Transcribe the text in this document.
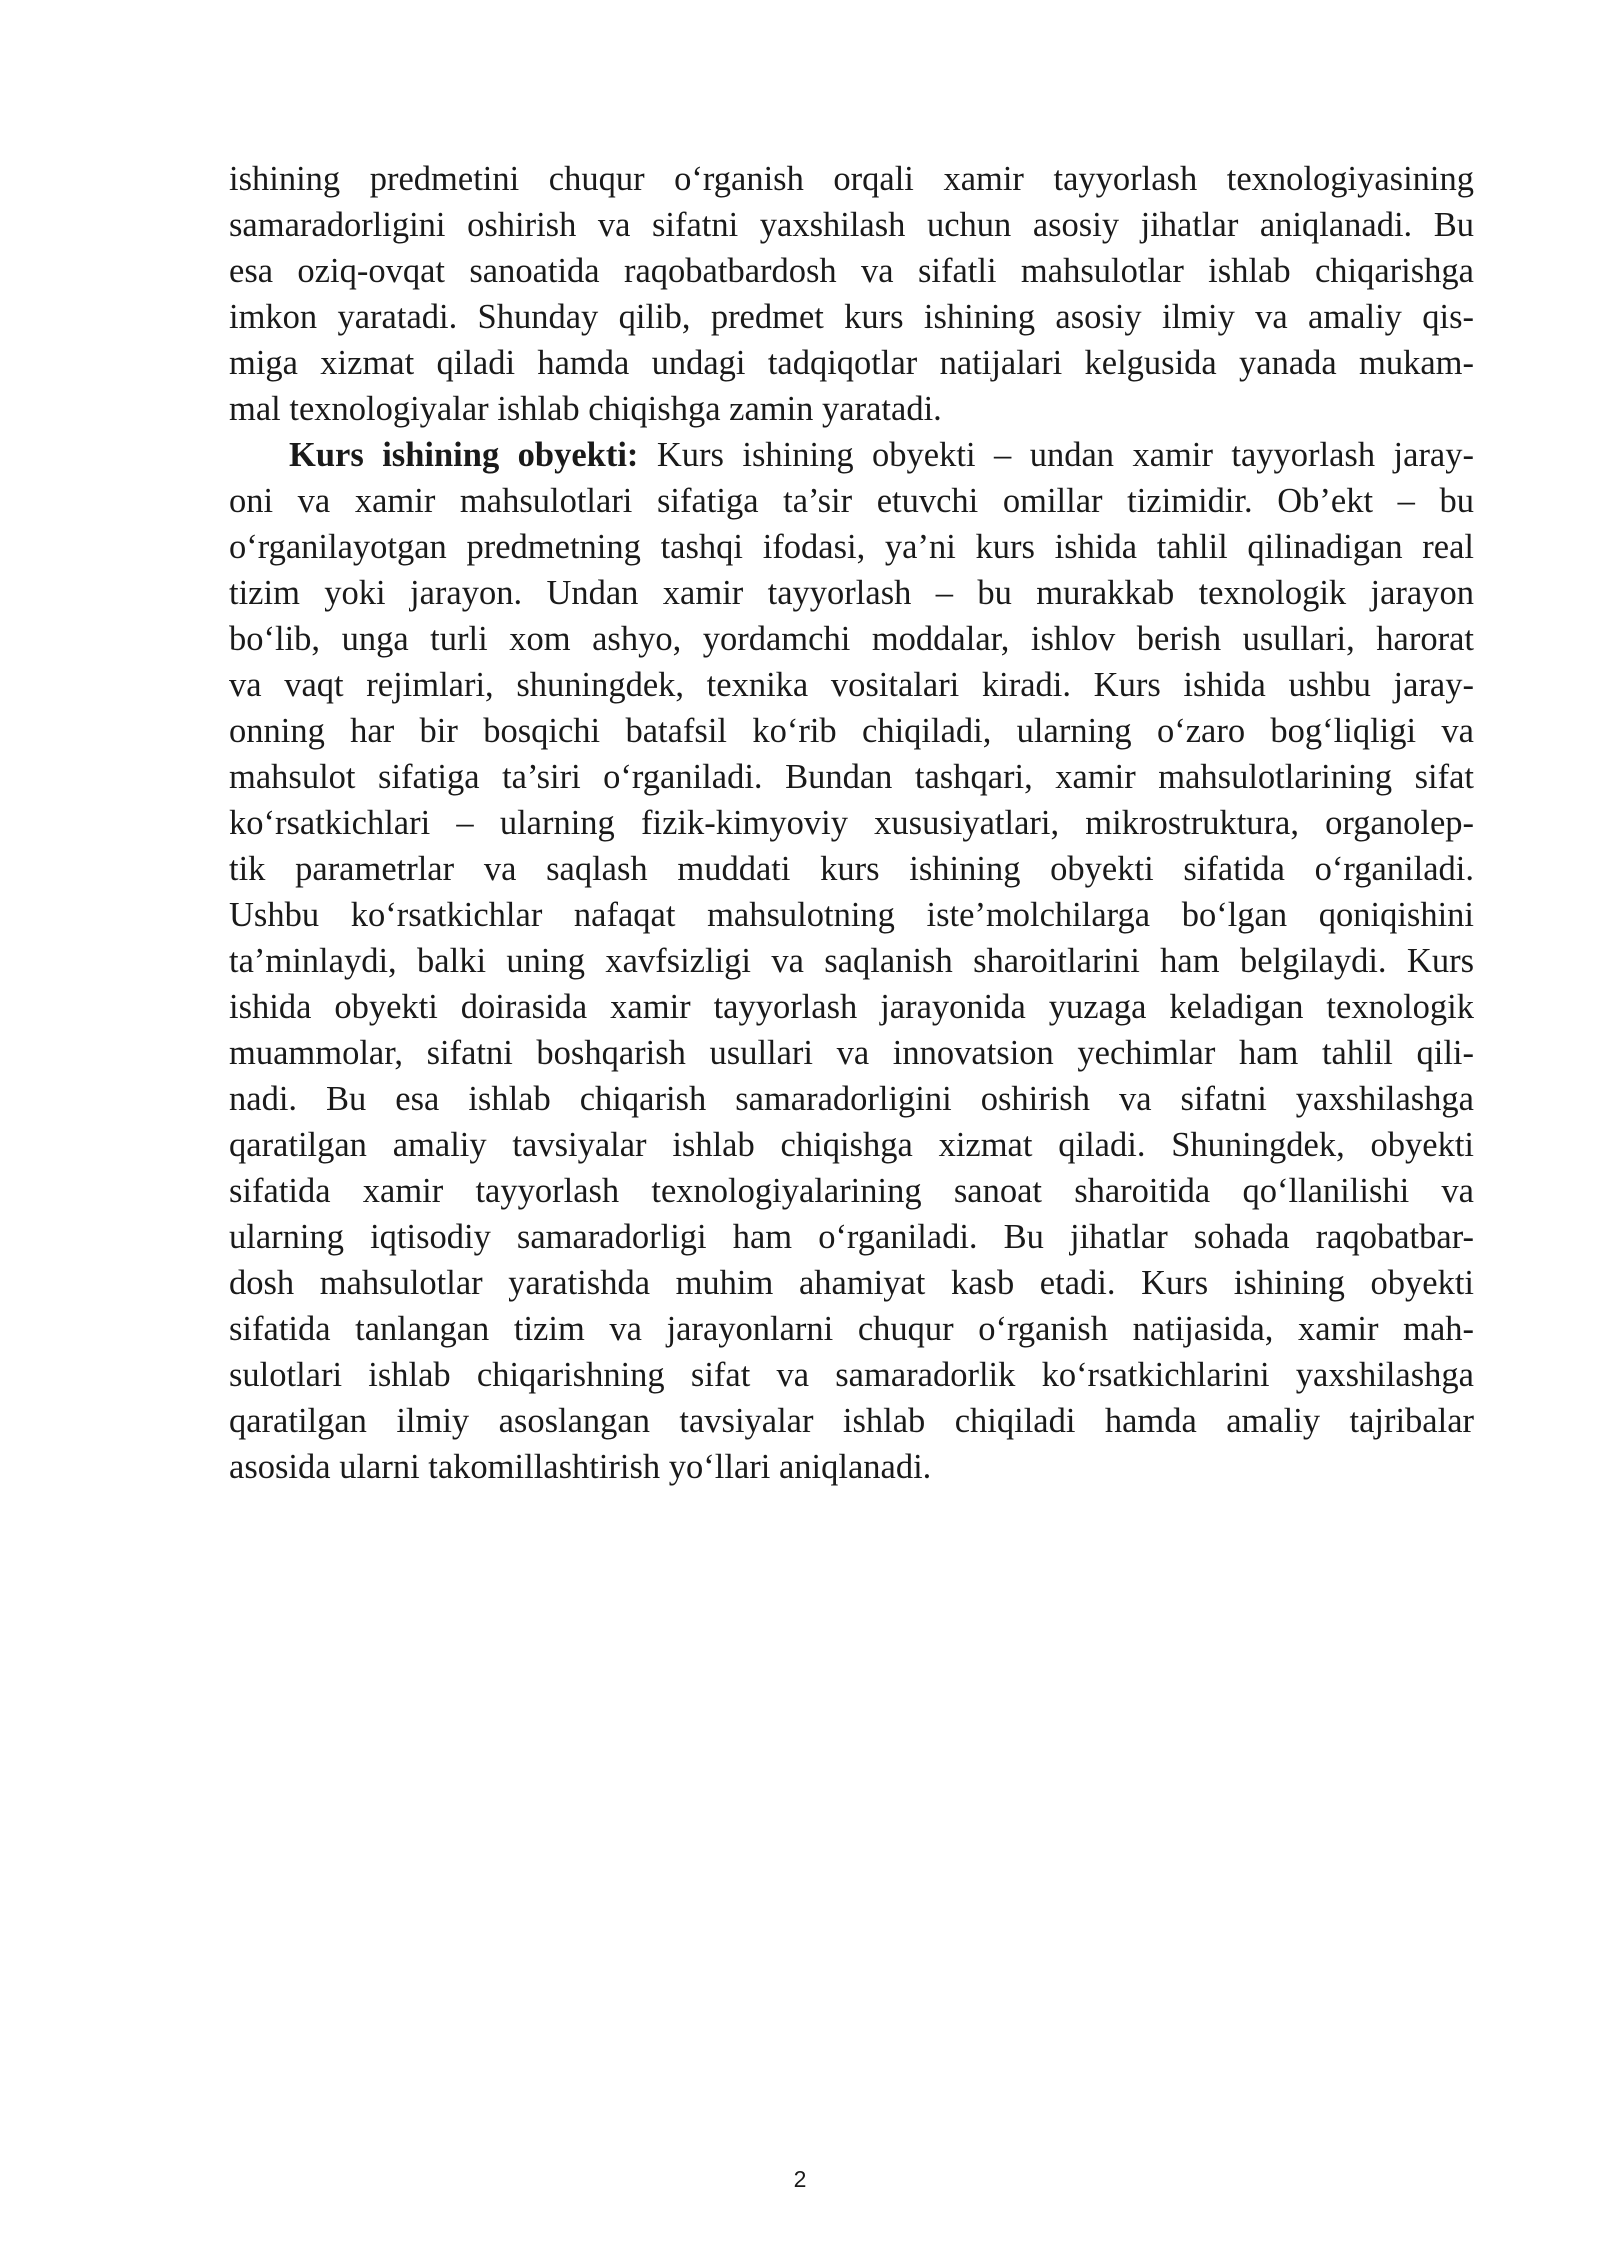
ishining predmetini chuqur o‘rganish orqali xamir tayyorlash texnologiyasining
samaradorligini oshirish va sifatni yaxshilash uchun asosiy jihatlar aniqlanadi. Bu
esa oziq-ovqat sanoatida raqobatbardosh va sifatli mahsulotlar ishlab chiqarishga
imkon yaratadi. Shunday qilib, predmet kurs ishining asosiy ilmiy va amaliy qis-
miga xizmat qiladi hamda undagi tadqiqotlar natijalari kelgusida yanada mukam-
mal texnologiyalar ishlab chiqishga zamin yaratadi.
Kurs ishining obyekti: Kurs ishining obyekti – undan xamir tayyorlash jaray-
oni va xamir mahsulotlari sifatiga ta’sir etuvchi omillar tizimidir. Ob’ekt – bu
o‘rganilayotgan predmetning tashqi ifodasi, ya’ni kurs ishida tahlil qilinadigan real
tizim yoki jarayon. Undan xamir tayyorlash – bu murakkab texnologik jarayon
bo‘lib, unga turli xom ashyo, yordamchi moddalar, ishlov berish usullari, harorat
va vaqt rejimlari, shuningdek, texnika vositalari kiradi. Kurs ishida ushbu jaray-
onning har bir bosqichi batafsil ko‘rib chiqiladi, ularning o‘zaro bog‘liqligi va
mahsulot sifatiga ta’siri o‘rganiladi. Bundan tashqari, xamir mahsulotlarining sifat
ko‘rsatkichlari – ularning fizik-kimyoviy xususiyatlari, mikrostruktura, organolep-
tik parametrlar va saqlash muddati kurs ishining obyekti sifatida o‘rganiladi.
Ushbu ko‘rsatkichlar nafaqat mahsulotning iste’molchilarga bo‘lgan qoniqishini
ta’minlaydi, balki uning xavfsizligi va saqlanish sharoitlarini ham belgilaydi. Kurs
ishida obyekti doirasida xamir tayyorlash jarayonida yuzaga keladigan texnologik
muammolar, sifatni boshqarish usullari va innovatsion yechimlar ham tahlil qili-
nadi. Bu esa ishlab chiqarish samaradorligini oshirish va sifatni yaxshilashga
qaratilgan amaliy tavsiyalar ishlab chiqishga xizmat qiladi. Shuningdek, obyekti
sifatida xamir tayyorlash texnologiyalarining sanoat sharoitida qo‘llanilishi va
ularning iqtisodiy samaradorligi ham o‘rganiladi. Bu jihatlar sohada raqobatbar-
dosh mahsulotlar yaratishda muhim ahamiyat kasb etadi. Kurs ishining obyekti
sifatida tanlangan tizim va jarayonlarni chuqur o‘rganish natijasida, xamir mah-
sulotlari ishlab chiqarishning sifat va samaradorlik ko‘rsatkichlarini yaxshilashga
qaratilgan ilmiy asoslangan tavsiyalar ishlab chiqiladi hamda amaliy tajribalar
asosida ularni takomillashtirish yo‘llari aniqlanadi.
2
